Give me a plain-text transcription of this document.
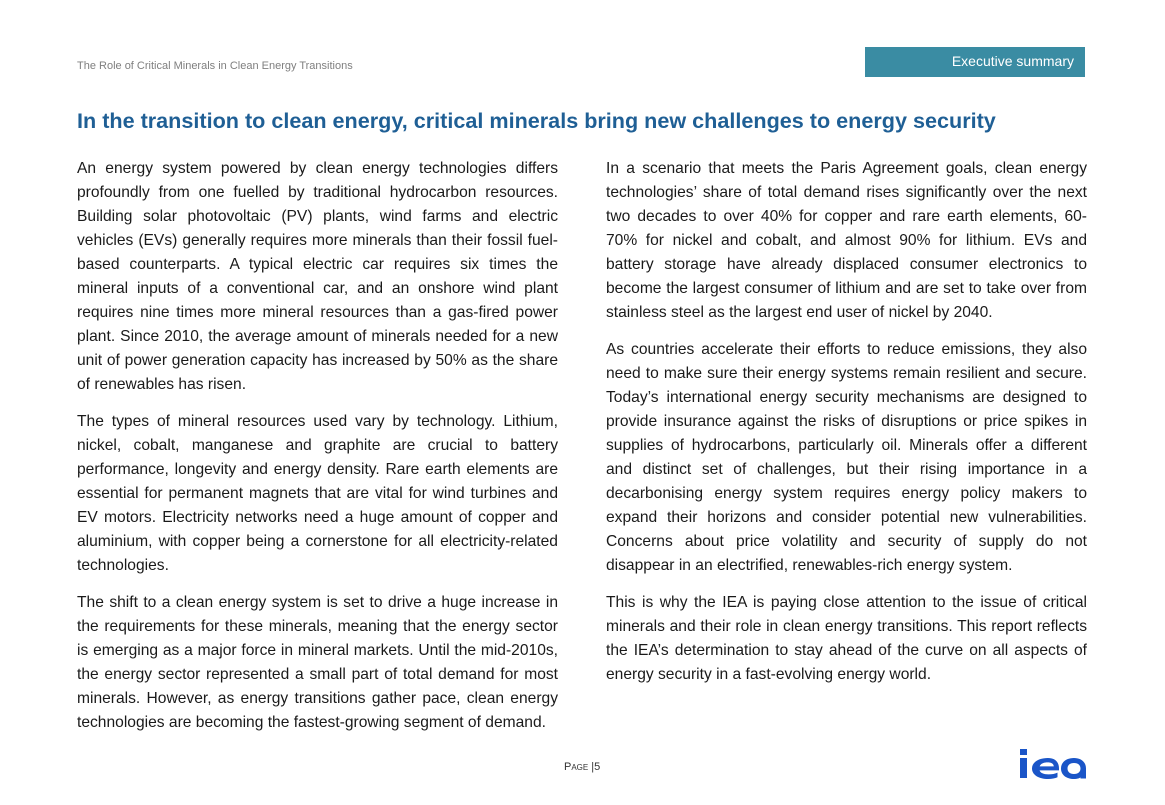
The Role of Critical Minerals in Clean Energy Transitions	Executive summary
In the transition to clean energy, critical minerals bring new challenges to energy security

An energy system powered by clean energy technologies differs profoundly from one fuelled by traditional hydrocarbon resources. Building solar photovoltaic (PV) plants, wind farms and electric vehicles (EVs) generally requires more minerals than their fossil fuel-based counterparts. A typical electric car requires six times the mineral inputs of a conventional car, and an onshore wind plant requires nine times more mineral resources than a gas-fired power plant. Since 2010, the average amount of minerals needed for a new unit of power generation capacity has increased by 50% as the share of renewables has risen.

The types of mineral resources used vary by technology. Lithium, nickel, cobalt, manganese and graphite are crucial to battery performance, longevity and energy density. Rare earth elements are essential for permanent magnets that are vital for wind turbines and EV motors. Electricity networks need a huge amount of copper and aluminium, with copper being a cornerstone for all electricity-related technologies.

The shift to a clean energy system is set to drive a huge increase in the requirements for these minerals, meaning that the energy sector is emerging as a major force in mineral markets. Until the mid-2010s, the energy sector represented a small part of total demand for most minerals. However, as energy transitions gather pace, clean energy technologies are becoming the fastest-growing segment of demand.

In a scenario that meets the Paris Agreement goals, clean energy technologies’ share of total demand rises significantly over the next two decades to over 40% for copper and rare earth elements, 60-70% for nickel and cobalt, and almost 90% for lithium. EVs and battery storage have already displaced consumer electronics to become the largest consumer of lithium and are set to take over from stainless steel as the largest end user of nickel by 2040.

As countries accelerate their efforts to reduce emissions, they also need to make sure their energy systems remain resilient and secure. Today’s international energy security mechanisms are designed to provide insurance against the risks of disruptions or price spikes in supplies of hydrocarbons, particularly oil. Minerals offer a different and distinct set of challenges, but their rising importance in a decarbonising energy system requires energy policy makers to expand their horizons and consider potential new vulnerabilities. Concerns about price volatility and security of supply do not disappear in an electrified, renewables-rich energy system.

This is why the IEA is paying close attention to the issue of critical minerals and their role in clean energy transitions. This report reflects the IEA’s determination to stay ahead of the curve on all aspects of energy security in a fast-evolving energy world.

Page |5
